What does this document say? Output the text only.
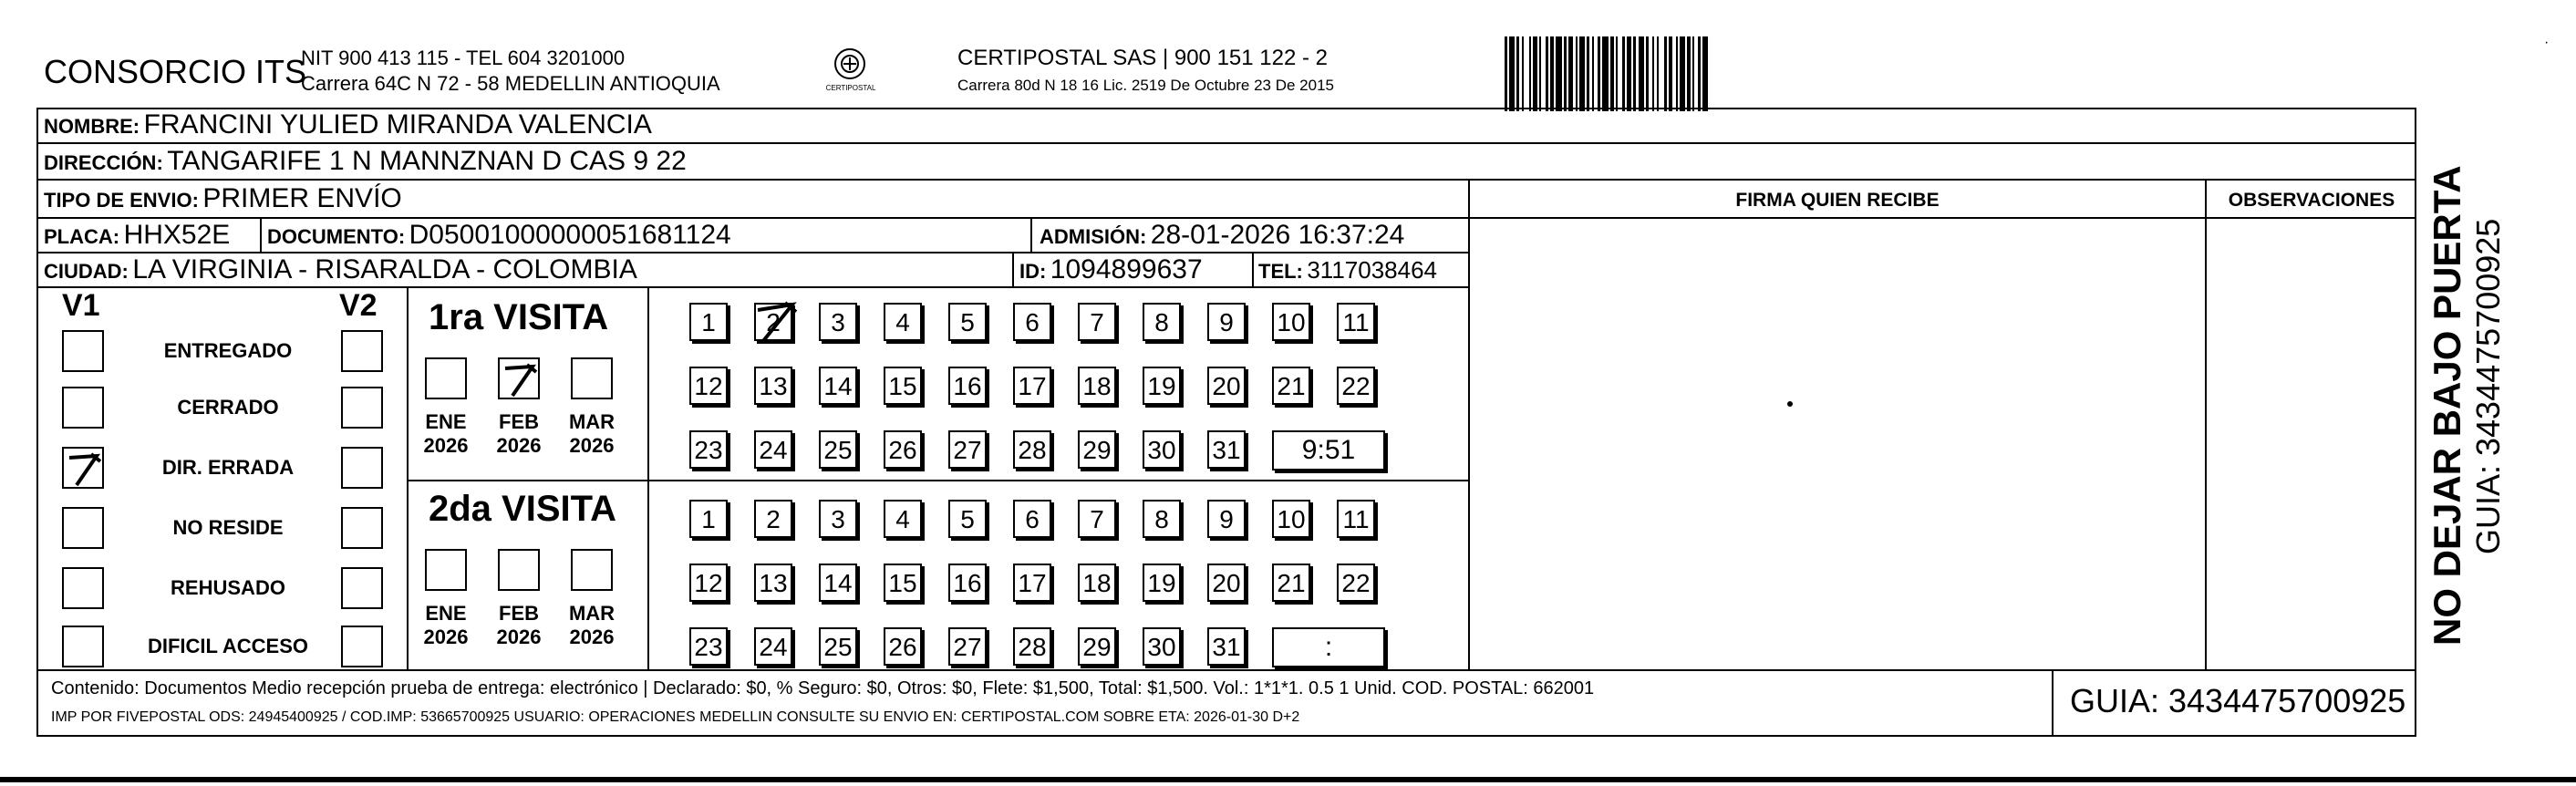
CONSORCIO ITS
NIT 900 413 115 - TEL 604 3201000
Carrera 64C N 72 - 58 MEDELLIN ANTIOQUIA	CERTIPOSTAL
CERTIPOSTAL SAS | 900 151 122 - 2
Carrera 80d N 18 16 Lic. 2519 De Octubre 23 De 2015
·
NOMBRE: FRANCINI YULIED MIRANDA VALENCIA
DIRECCIÓN: TANGARIFE 1 N MANNZNAN D CAS 9 22
TIPO DE ENVIO: PRIMER ENVÍO
PLACA: HHX52E DOCUMENTO: D050010000000516811​24	ADMISIÓN: 28-01-2026 16:37:24
CIUDAD: LA VIRGINIA - RISARALDA - COLOMBIA	ID: 1094899637	TEL: 3117038464
FIRMA QUIEN RECIBE	OBSERVACIONES
V1	V2 1ra VISITA
2da VISITA
Contenido: Documentos Medio recepción prueba de entrega: electrónico | Declarado: $0, % Seguro: $0, Otros: $0, Flete: $1,500, Total: $1,500. Vol.: 1*1*1. 0.5 1 Unid. COD. POSTAL: 662001
IMP POR FIVEPOSTAL ODS: 24945400925 / COD.IMP: 53665700925 USUARIO: OPERACIONES MEDELLIN CONSULTE SU ENVIO EN: CERTIPOSTAL.COM SOBRE ETA: 2026-01-30 D+2	GUIA: 3434475700925
NO DEJAR BAJO PUERTA GUIA: 3434475700925
ENTREGADO
CERRADO
DIR. ERRADA
NO RESIDE
REHUSADO
DIFICIL ACCESO
ENE
2026
FEB
2026
MAR
2026
ENE
2026
FEB
2026
MAR
2026
1	2	3	4	5	6	7	8	9	10 11
12 13 14 15 16 17 18 19 20 21 22
23 24 25 26 27 28 29 30 31	9:51
1	2	3	4	5	6	7	8	9	10 11
12 13 14 15 16 17 18 19 20 21 22
23 24 25 26 27 28 29 30 31	:
